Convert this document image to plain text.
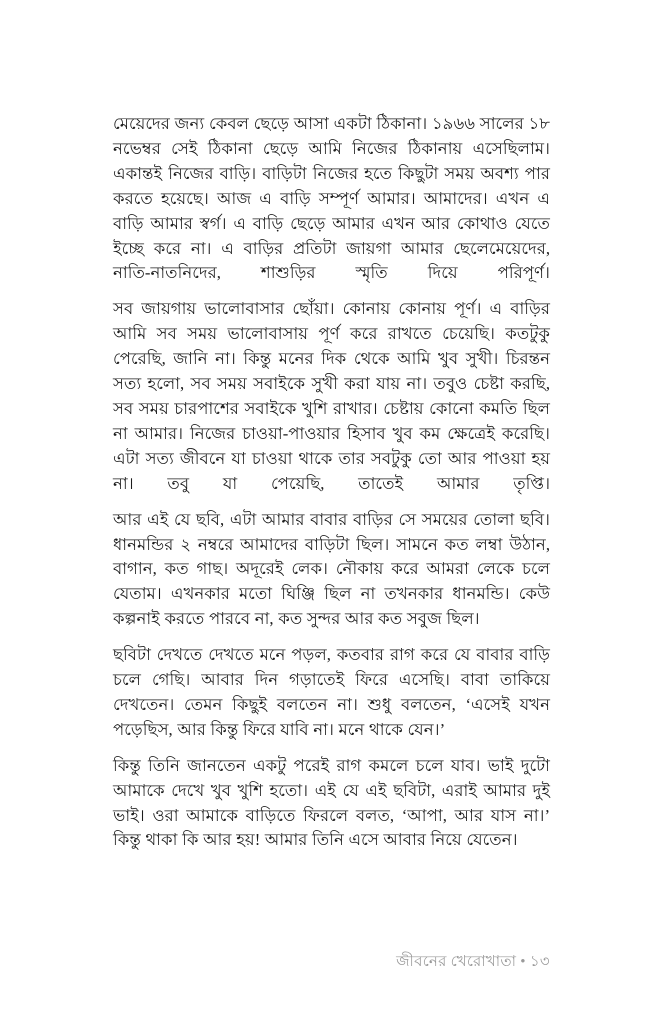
মেয়েদের জন্য কেবল ছেড়ে আসা একটা ঠিকানা। ১৯৬৬ সালের ১৮ নভেম্বর সেই ঠিকানা ছেড়ে আমি নিজের ঠিকানায় এসেছিলাম। একান্তই নিজের বাড়ি। বাড়িটা নিজের হতে কিছুটা সময় অবশ্য পার করতে হয়েছে। আজ এ বাড়ি সম্পূর্ণ আমার। আমাদের। এখন এ বাড়ি আমার স্বর্গ। এ বাড়ি ছেড়ে আমার এখন আর কোথাও যেতে ইচ্ছে করে না। এ বাড়ির প্রতিটা জায়গা আমার ছেলেমেয়েদের, নাতি-নাতনিদের, শাশুড়ির স্মৃতি দিয়ে পরিপূর্ণ।

সব জায়গায় ভালোবাসার ছোঁয়া। কোনায় কোনায় পূর্ণ। এ বাড়ির আমি সব সময় ভালোবাসায় পূর্ণ করে রাখতে চেয়েছি। কতটুকু পেরেছি, জানি না। কিন্তু মনের দিক থেকে আমি খুব সুখী। চিরন্তন সত্য হলো, সব সময় সবাইকে সুখী করা যায় না। তবুও চেষ্টা করছি, সব সময় চারপাশের সবাইকে খুশি রাখার। চেষ্টায় কোনো কমতি ছিল না আমার। নিজের চাওয়া-পাওয়ার হিসাব খুব কম ক্ষেত্রেই করেছি। এটা সত্য জীবনে যা চাওয়া থাকে তার সবটুকু তো আর পাওয়া হয় না। তবু যা পেয়েছি, তাতেই আমার তৃপ্তি।

আর এই যে ছবি, এটা আমার বাবার বাড়ির সে সময়ের তোলা ছবি। ধানমন্ডির ২ নম্বরে আমাদের বাড়িটা ছিল। সামনে কত লম্বা উঠান, বাগান, কত গাছ। অদূরেই লেক। নৌকায় করে আমরা লেকে চলে যেতাম। এখনকার মতো ঘিঞ্জি ছিল না তখনকার ধানমন্ডি। কেউ কল্পনাই করতে পারবে না, কত সুন্দর আর কত সবুজ ছিল।

ছবিটা দেখতে দেখতে মনে পড়ল, কতবার রাগ করে যে বাবার বাড়ি চলে গেছি। আবার দিন গড়াতেই ফিরে এসেছি। বাবা তাকিয়ে দেখতেন। তেমন কিছুই বলতেন না। শুধু বলতেন, ‘এসেই যখন পড়েছিস, আর কিন্তু ফিরে যাবি না। মনে থাকে যেন।’

কিন্তু তিনি জানতেন একটু পরেই রাগ কমলে চলে যাব। ভাই দুটো আমাকে দেখে খুব খুশি হতো। এই যে এই ছবিটা, এরাই আমার দুই ভাই। ওরা আমাকে বাড়িতে ফিরলে বলত, ‘আপা, আর যাস না।’ কিন্তু থাকা কি আর হয়! আমার তিনি এসে আবার নিয়ে যেতেন।

জীবনের খেরোখাতা • ১৩
